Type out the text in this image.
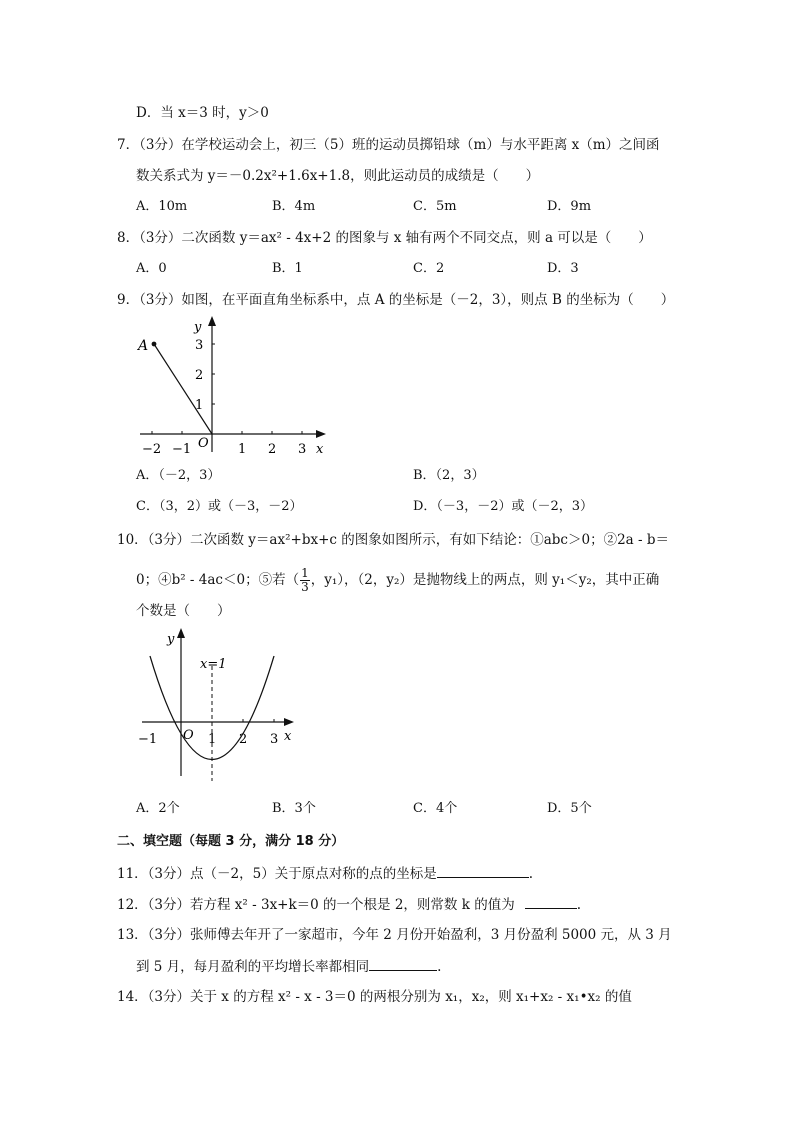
D．当 x＝3 时，y＞0
7．（3分）在学校运动会上，初三（5）班的运动员掷铅球（m）与水平距离 x（m）之间函
数关系式为 y＝－0.2x²+1.6x+1.8，则此运动员的成绩是（　　）
A．10m	B．4m	C．5m	D．9m
8．（3分）二次函数 y＝ax² - 4x+2 的图象与 x 轴有两个不同交点，则 a 可以是（　　）
A．0	B．1	C．2	D．3
9．（3分）如图，在平面直角坐标系中，点 A 的坐标是（－2，3），则点 B 的坐标为（　　）
A
O	x
y
−2 −1	1 2 3
1
2
3
A．（－2，3）	B．（2，3）
C．（3，2）或（－3，－2）	D．（－3，－2）或（－2，3）
10．（3分）二次函数 y＝ax²+bx+c 的图象如图所示，有如下结论：①abc＞0；②2a - b＝
0；④b² - 4ac＜0；⑤若（ $\frac{1}{3}$ ，y₁），（2，y₂）是抛物线上的两点，则 y₁＜y₂，其中正确
个数是（　　）
x=1
O	x
y
−1	1 2 3
A．2个	B．3个	C．4个	D．5个
二、填空题（每题 3 分，满分 18 分）
11．（3分）点（－2，5）关于原点对称的点的坐标是	.
12．（3分）若方程 x² - 3x+k＝0 的一个根是 2，则常数 k 的值为	.
13．（3分）张师傅去年开了一家超市，今年 2 月份开始盈利，3 月份盈利 5000 元，从 3 月
到 5 月，每月盈利的平均增长率都相同	.
14．（3分）关于 x 的方程 x² - x - 3＝0 的两根分别为 x₁，x₂，则 x₁+x₂ - x₁•x₂ 的值
